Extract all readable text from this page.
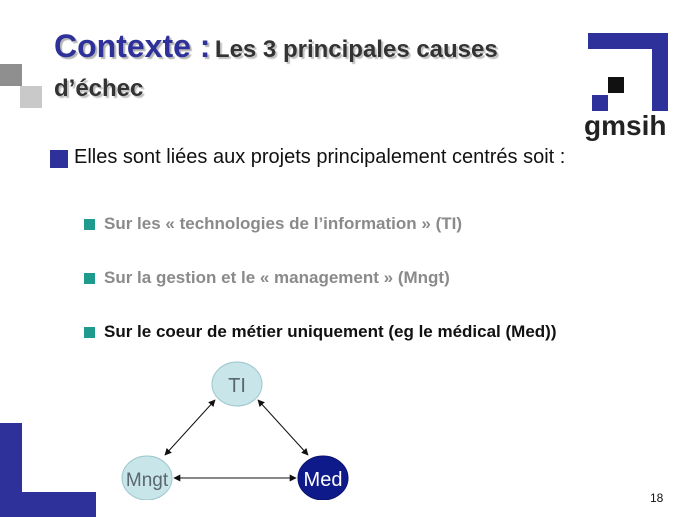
Contexte : Les 3 principales causes
d’échec
gmsih
Elles sont liées aux projets principalement centrés soit :
Sur les « technologies de l’information » (TI)
Sur la gestion et le « management » (Mngt)
Sur le coeur de métier uniquement (eg le médical (Med))
TI
Mngt	Med
18
